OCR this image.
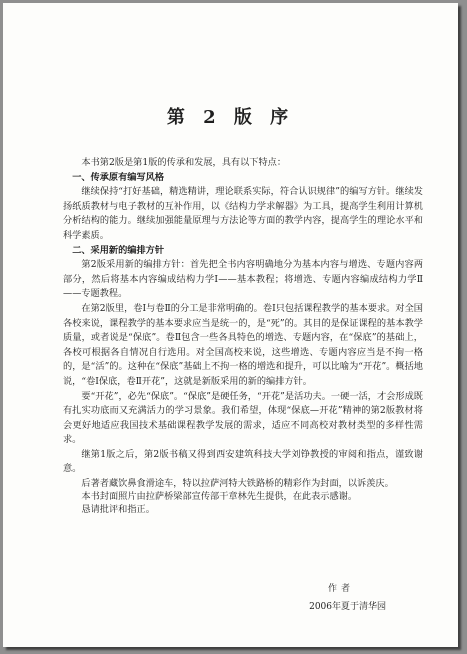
第 2 版 序

本书第2版是第1版的传承和发展，具有以下特点：

一、传承原有编写风格

继续保持“打好基础，精选精讲，理论联系实际，符合认识规律”的编写方针。继续发扬纸质教材与电子教材的互补作用，以《结构力学求解器》为工具，提高学生利用计算机分析结构的能力。继续加强能量原理与方法论等方面的教学内容，提高学生的理论水平和科学素质。

二、采用新的编排方针

第2版采用新的编排方针：首先把全书内容明确地分为基本内容与增选、专题内容两部分，然后将基本内容编成结构力学Ⅰ——基本教程；将增选、专题内容编成结构力学Ⅱ——专题教程。

在第2版里，卷Ⅰ与卷Ⅱ的分工是非常明确的。卷Ⅰ只包括课程教学的基本要求。对全国各校来说，课程教学的基本要求应当是统一的，是“死”的。其目的是保证课程的基本教学质量，或者说是“保底”。卷Ⅱ包含一些各具特色的增选、专题内容，在“保底”的基础上，各校可根据各自情况自行选用。对全国高校来说，这些增选、专题内容应当是不拘一格的，是“活”的。这种在“保底”基础上不拘一格的增选和提升，可以比喻为“开花”。概括地说，“卷Ⅰ保底，卷Ⅱ开花”，这就是新版采用的新的编排方针。

要“开花”，必先“保底”。“保底”是硬任务，“开花”是活功夫。一硬一活，才会形成既有扎实功底而又充满活力的学习景象。我们希望，体现“保底—开花”精神的第2版教材将会更好地适应我国技术基础课程教学发展的需求，适应不同高校对教材类型的多样性需求。

继第1版之后，第2版书稿又得到西安建筑科技大学刘铮教授的审阅和指点，谨致谢意。

后著者藏饮鼻食滑途车，特以拉萨河特大铁路桥的精彩作为封面，以诉羡庆。

本书封面照片由拉萨桥梁部宣传部干章林先生提供，在此表示感谢。

恳请批评和指正。

作者
2006年夏于清华园
